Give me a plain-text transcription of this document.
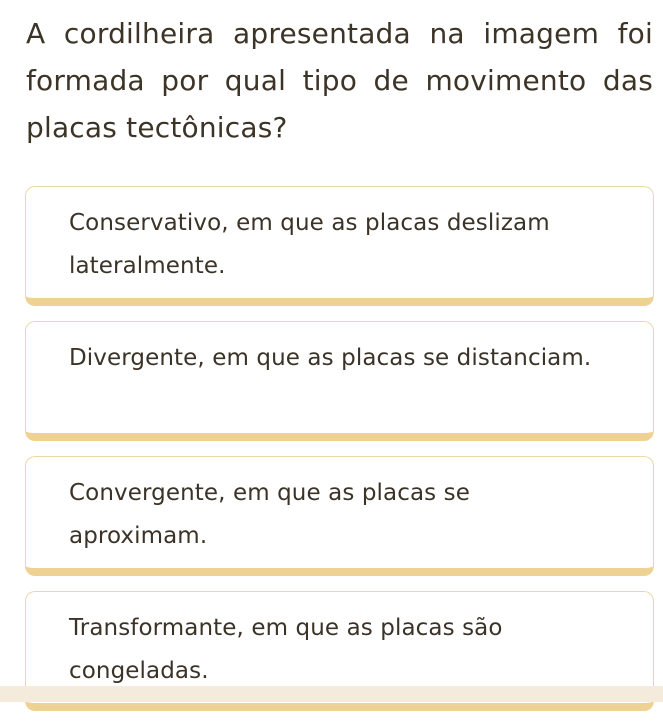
A cordilheira apresentada na imagem foi formada por qual tipo de movimento das placas tectônicas?

Conservativo, em que as placas deslizam lateralmente.
Divergente, em que as placas se distanciam.
Convergente, em que as placas se aproximam.
Transformante, em que as placas são congeladas.
